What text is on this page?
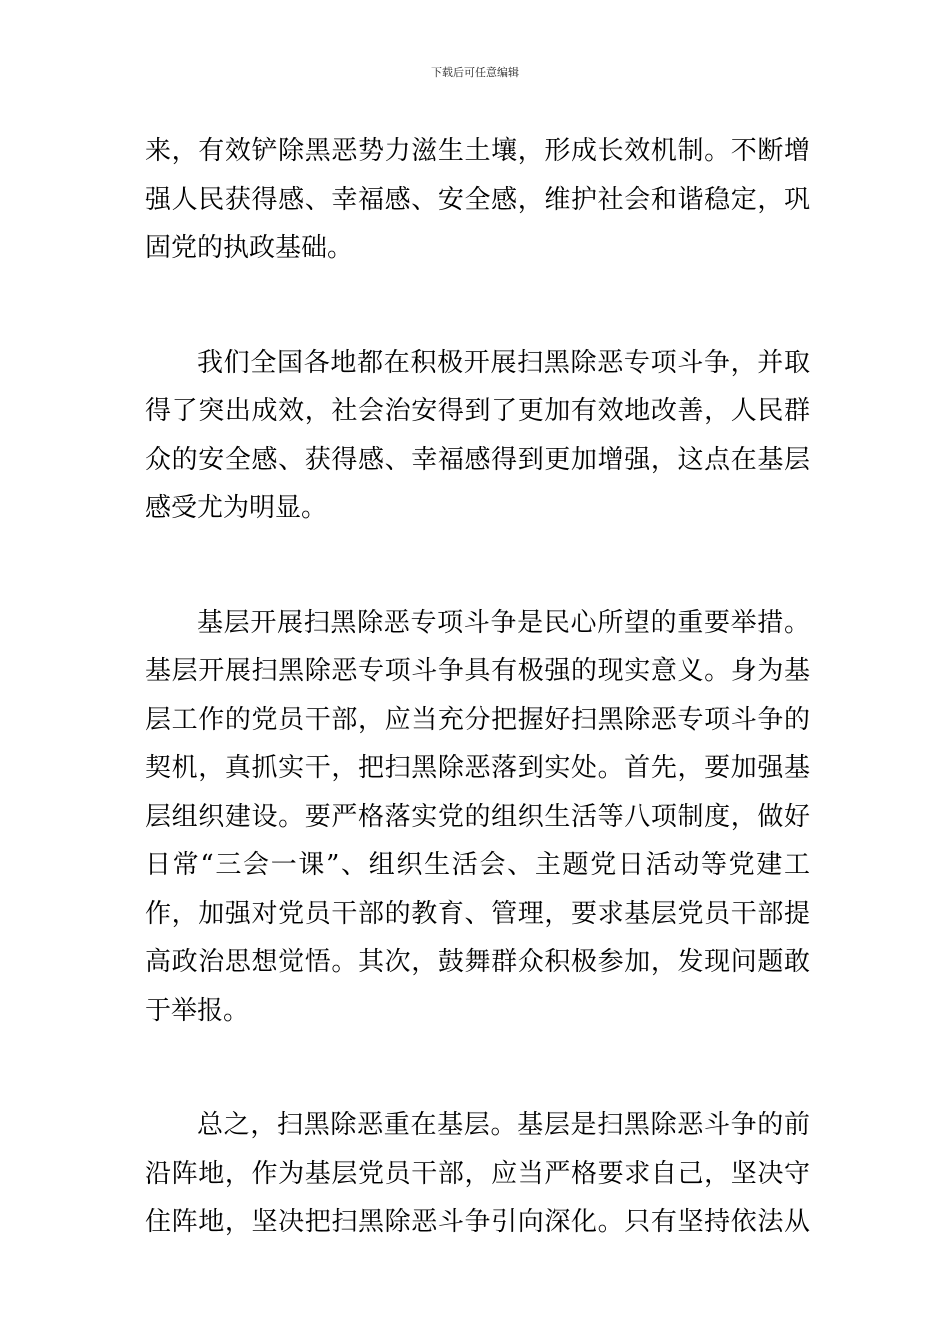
下载后可任意编辑
来，有效铲除黑恶势力滋生土壤，形成长效机制。不断增
强人民获得感、幸福感、安全感，维护社会和谐稳定，巩
固党的执政基础。
我们全国各地都在积极开展扫黑除恶专项斗争，并取
得了突出成效，社会治安得到了更加有效地改善，人民群
众的安全感、获得感、幸福感得到更加增强，这点在基层
感受尤为明显。
基层开展扫黑除恶专项斗争是民心所望的重要举措。
基层开展扫黑除恶专项斗争具有极强的现实意义。身为基
层工作的党员干部，应当充分把握好扫黑除恶专项斗争的
契机，真抓实干，把扫黑除恶落到实处。首先，要加强基
层组织建设。要严格落实党的组织生活等八项制度，做好
日常“三会一课”、组织生活会、主题党日活动等党建工
作，加强对党员干部的教育、管理，要求基层党员干部提
高政治思想觉悟。其次，鼓舞群众积极参加，发现问题敢
于举报。
总之，扫黑除恶重在基层。基层是扫黑除恶斗争的前
沿阵地，作为基层党员干部，应当严格要求自己，坚决守
住阵地，坚决把扫黑除恶斗争引向深化。只有坚持依法从
